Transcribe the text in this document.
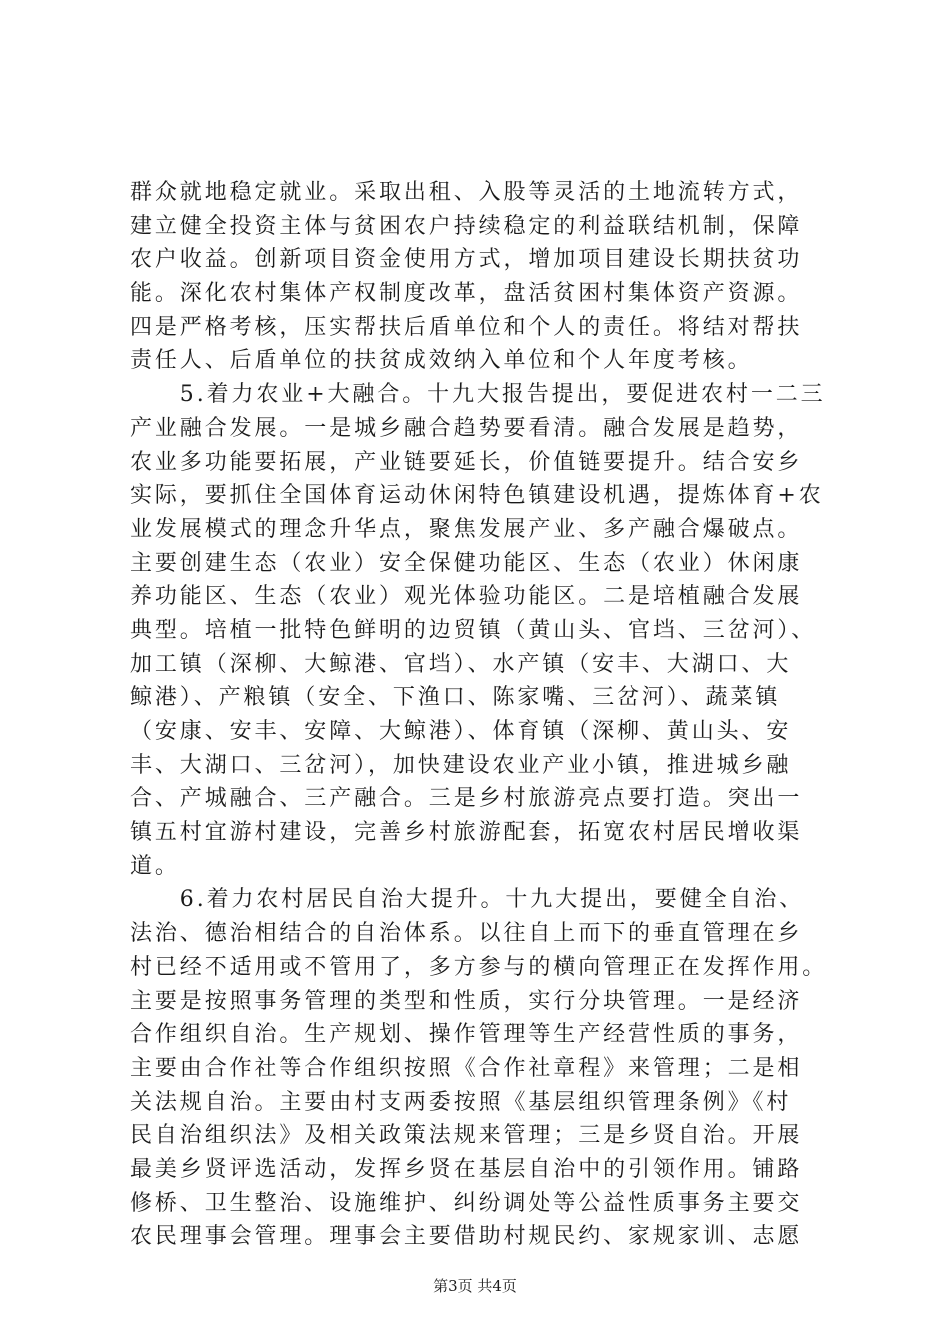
群众就地稳定就业。采取出租、入股等灵活的土地流转方式，
建立健全投资主体与贫困农户持续稳定的利益联结机制，保障
农户收益。创新项目资金使用方式，增加项目建设长期扶贫功
能。深化农村集体产权制度改革，盘活贫困村集体资产资源。
四是严格考核，压实帮扶后盾单位和个人的责任。将结对帮扶
责任人、后盾单位的扶贫成效纳入单位和个人年度考核。
　　5.着力农业+大融合。十九大报告提出，要促进农村一二三
产业融合发展。一是城乡融合趋势要看清。融合发展是趋势，
农业多功能要拓展，产业链要延长，价值链要提升。结合安乡
实际，要抓住全国体育运动休闲特色镇建设机遇，提炼体育+农
业发展模式的理念升华点，聚焦发展产业、多产融合爆破点。
主要创建生态（农业）安全保健功能区、生态（农业）休闲康
养功能区、生态（农业）观光体验功能区。二是培植融合发展
典型。培植一批特色鲜明的边贸镇（黄山头、官垱、三岔河）、
加工镇（深柳、大鲸港、官垱）、水产镇（安丰、大湖口、大
鲸港）、产粮镇（安全、下渔口、陈家嘴、三岔河）、蔬菜镇
（安康、安丰、安障、大鲸港）、体育镇（深柳、黄山头、安
丰、大湖口、三岔河），加快建设农业产业小镇，推进城乡融
合、产城融合、三产融合。三是乡村旅游亮点要打造。突出一
镇五村宜游村建设，完善乡村旅游配套，拓宽农村居民增收渠
道。
　　6.着力农村居民自治大提升。十九大提出，要健全自治、
法治、德治相结合的自治体系。以往自上而下的垂直管理在乡
村已经不适用或不管用了，多方参与的横向管理正在发挥作用。
主要是按照事务管理的类型和性质，实行分块管理。一是经济
合作组织自治。生产规划、操作管理等生产经营性质的事务，
主要由合作社等合作组织按照《合作社章程》来管理；二是相
关法规自治。主要由村支两委按照《基层组织管理条例》《村
民自治组织法》及相关政策法规来管理；三是乡贤自治。开展
最美乡贤评选活动，发挥乡贤在基层自治中的引领作用。铺路
修桥、卫生整治、设施维护、纠纷调处等公益性质事务主要交
农民理事会管理。理事会主要借助村规民约、家规家训、志愿
第3页 共4页
